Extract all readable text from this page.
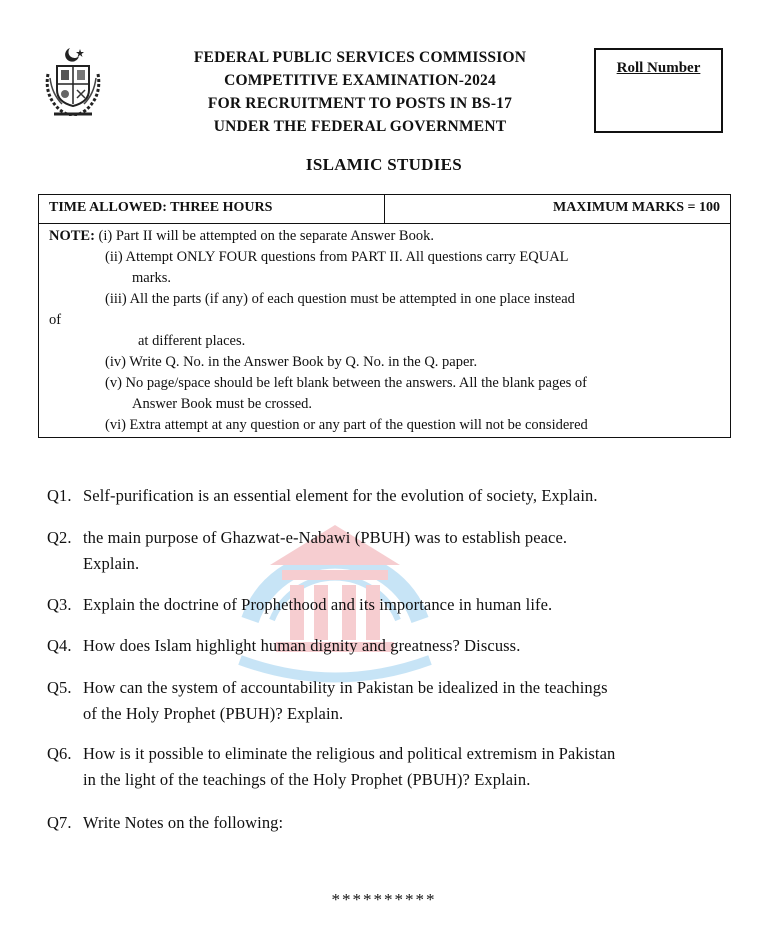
FEDERAL PUBLIC SERVICES COMMISSION
COMPETITIVE EXAMINATION-2024
FOR RECRUITMENT TO POSTS IN BS-17
UNDER THE FEDERAL GOVERNMENT
Roll Number
ISLAMIC STUDIES
TIME ALLOWED: THREE HOURS	MAXIMUM MARKS = 100
NOTE: (i) Part II will be attempted on the separate Answer Book.
(ii) Attempt ONLY FOUR questions from PART II. All questions carry EQUAL
marks.
(iii) All the parts (if any) of each question must be attempted in one place instead
of
at different places.
(iv) Write Q. No. in the Answer Book by Q. No. in the Q. paper.
(v) No page/space should be left blank between the answers. All the blank pages of
Answer Book must be crossed.
(vi) Extra attempt at any question or any part of the question will not be considered
Q1. Self-purification is an essential element for the evolution of society, Explain.
Q2. the main purpose of Ghazwat-e-Nabawi (PBUH) was to establish peace.
Explain.
Q3. Explain the doctrine of Prophethood and its importance in human life.
Q4. How does Islam highlight human dignity and greatness? Discuss.
Q5. How can the system of accountability in Pakistan be idealized in the teachings
of the Holy Prophet (PBUH)? Explain.
Q6. How is it possible to eliminate the religious and political extremism in Pakistan
in the light of the teachings of the Holy Prophet (PBUH)? Explain.
Q7. Write Notes on the following:
**********
